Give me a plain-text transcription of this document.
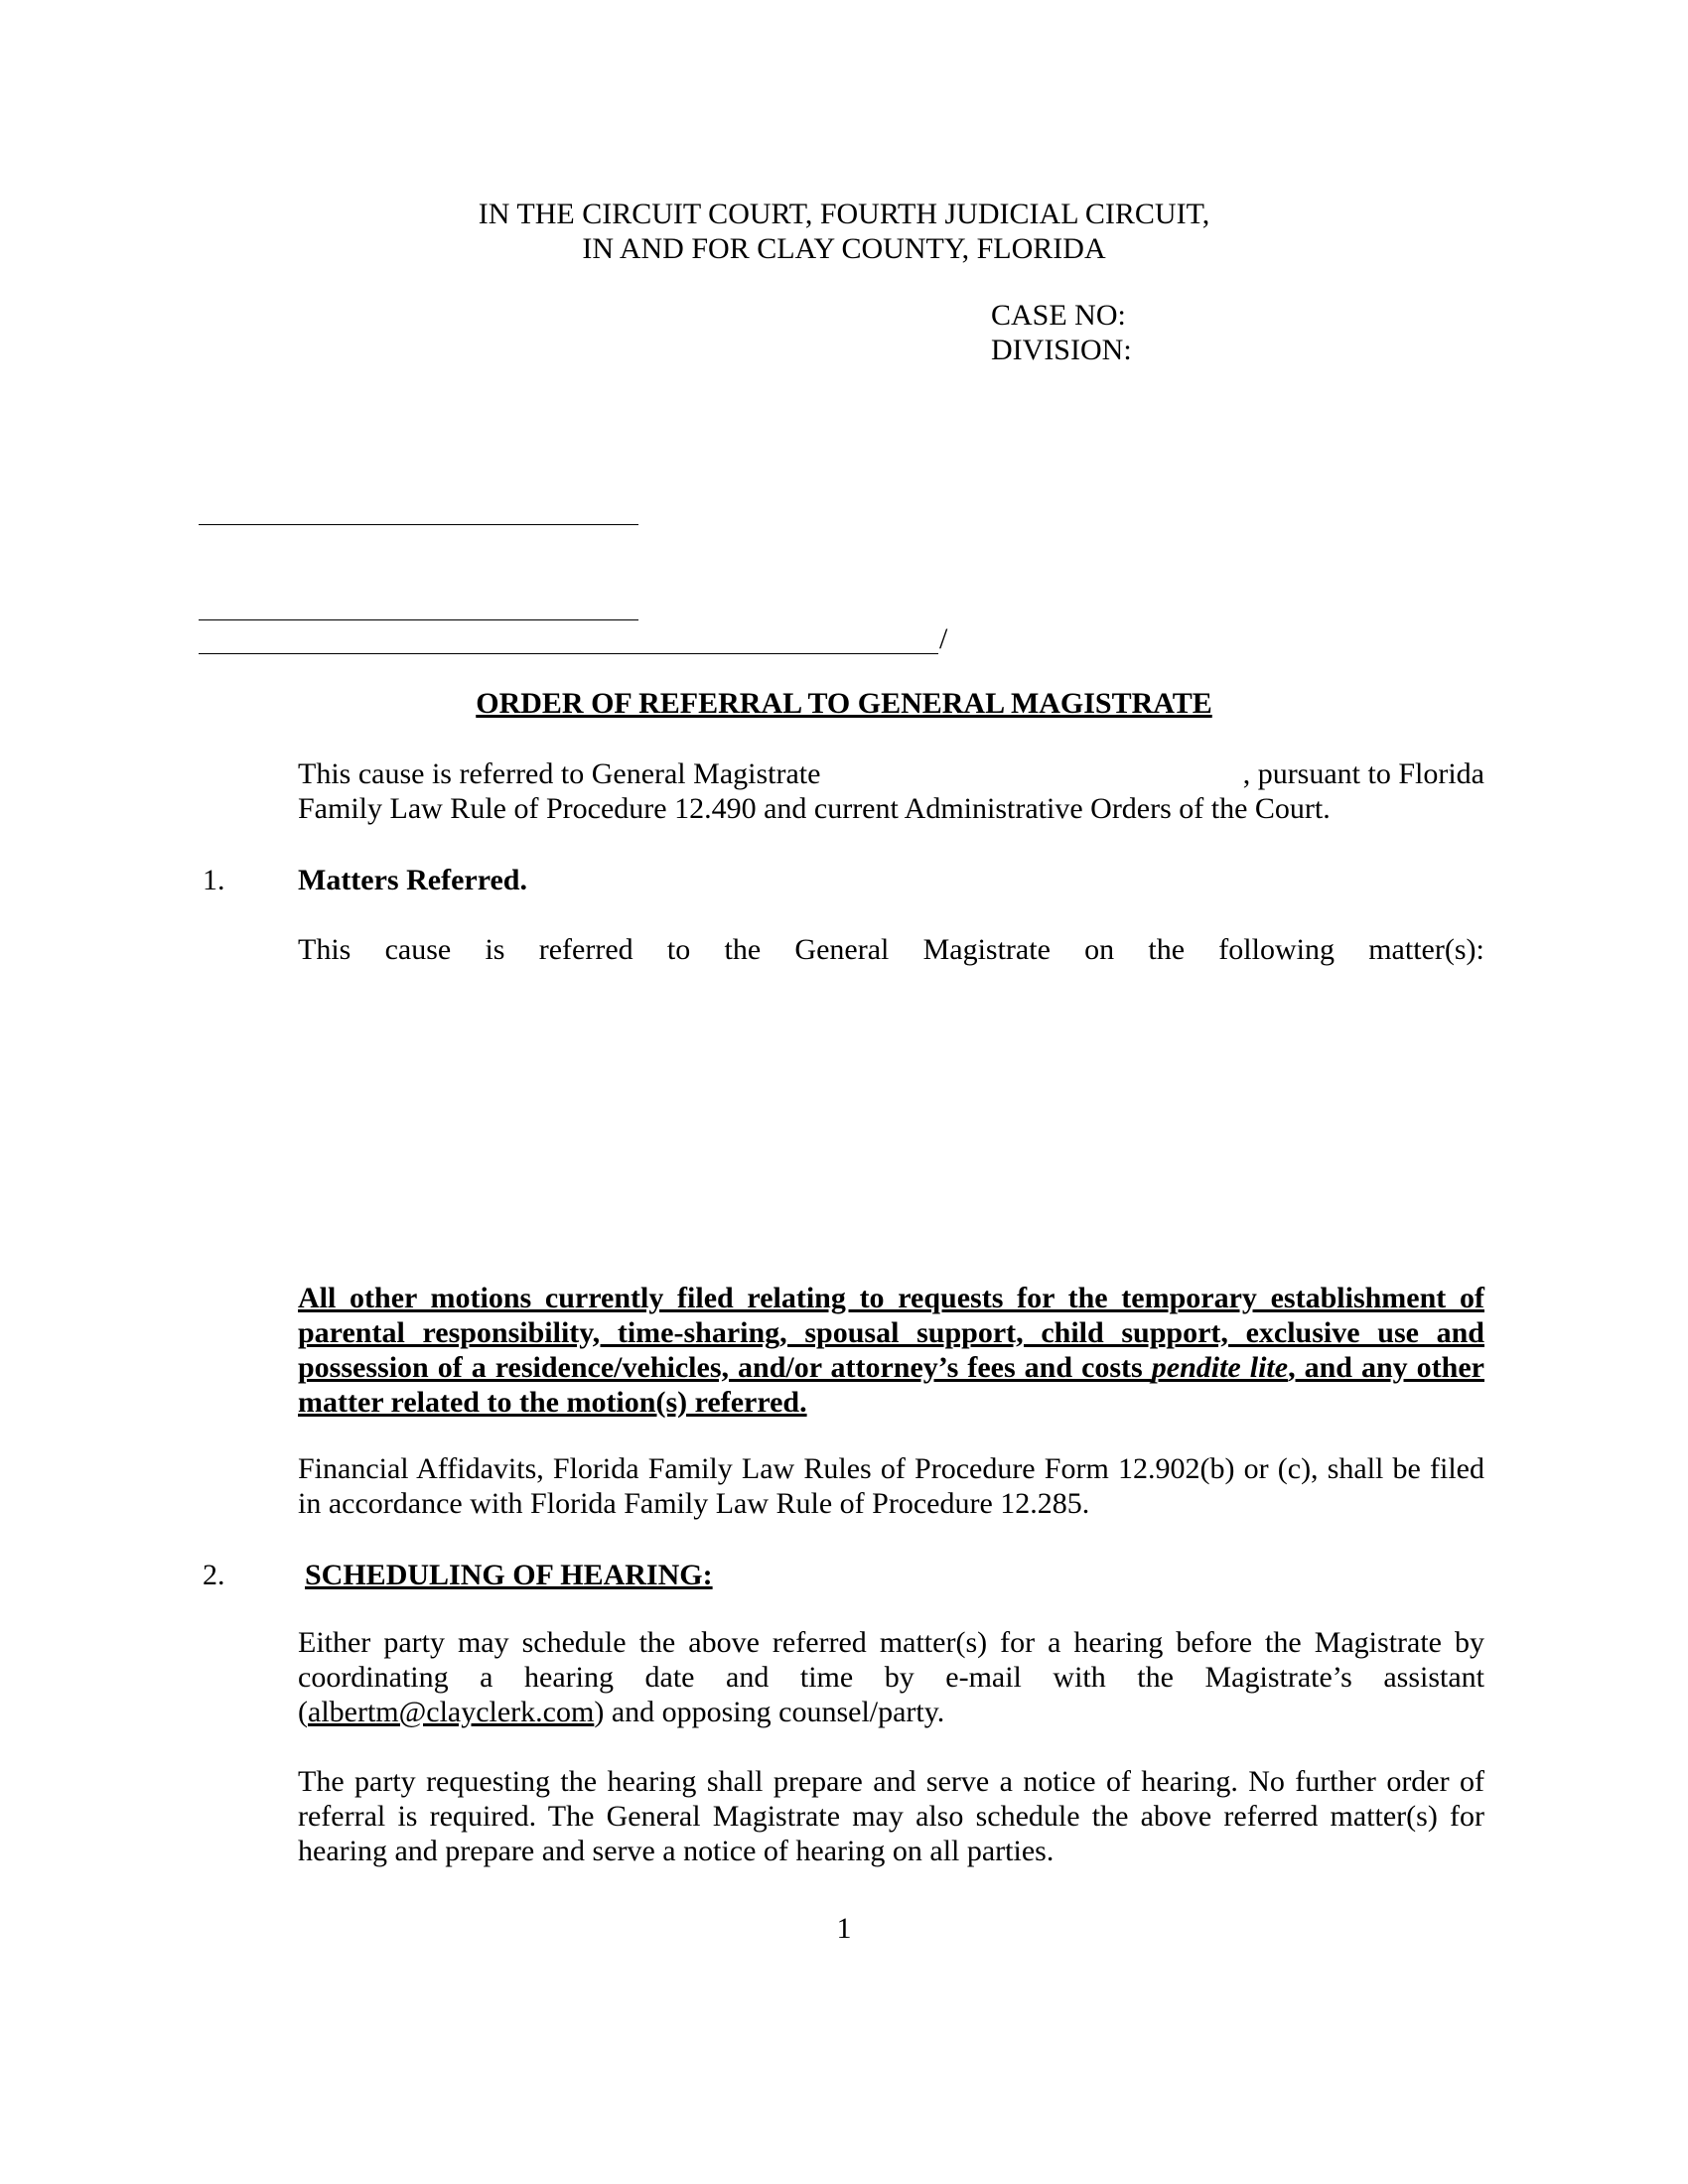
IN THE CIRCUIT COURT, FOURTH JUDICIAL CIRCUIT,
IN AND FOR CLAY COUNTY, FLORIDA
CASE NO:
DIVISION:
/
ORDER OF REFERRAL TO GENERAL MAGISTRATE
This cause is referred to General Magistrate	, pursuant to Florida
Family Law Rule of Procedure 12.490 and current Administrative Orders of the Court.
1. Matters Referred.
This cause is referred to the General Magistrate on the following matter(s):
All other motions currently filed relating to requests for the temporary establishment of
parental responsibility, time-sharing, spousal support, child support, exclusive use and
possession of a residence/vehicles, and/or attorney’s fees and costs pendite lite, and any other
matter related to the motion(s) referred.
Financial Affidavits, Florida Family Law Rules of Procedure Form 12.902(b) or (c), shall be filed
in accordance with Florida Family Law Rule of Procedure 12.285.
2.	SCHEDULING OF HEARING:
Either party may schedule the above referred matter(s) for a hearing before the Magistrate by
coordinating a hearing date and time by e-mail with the Magistrate’s assistant
(albertm@clayclerk.com) and opposing counsel/party.
The party requesting the hearing shall prepare and serve a notice of hearing. No further order of
referral is required. The General Magistrate may also schedule the above referred matter(s) for
hearing and prepare and serve a notice of hearing on all parties.
1
